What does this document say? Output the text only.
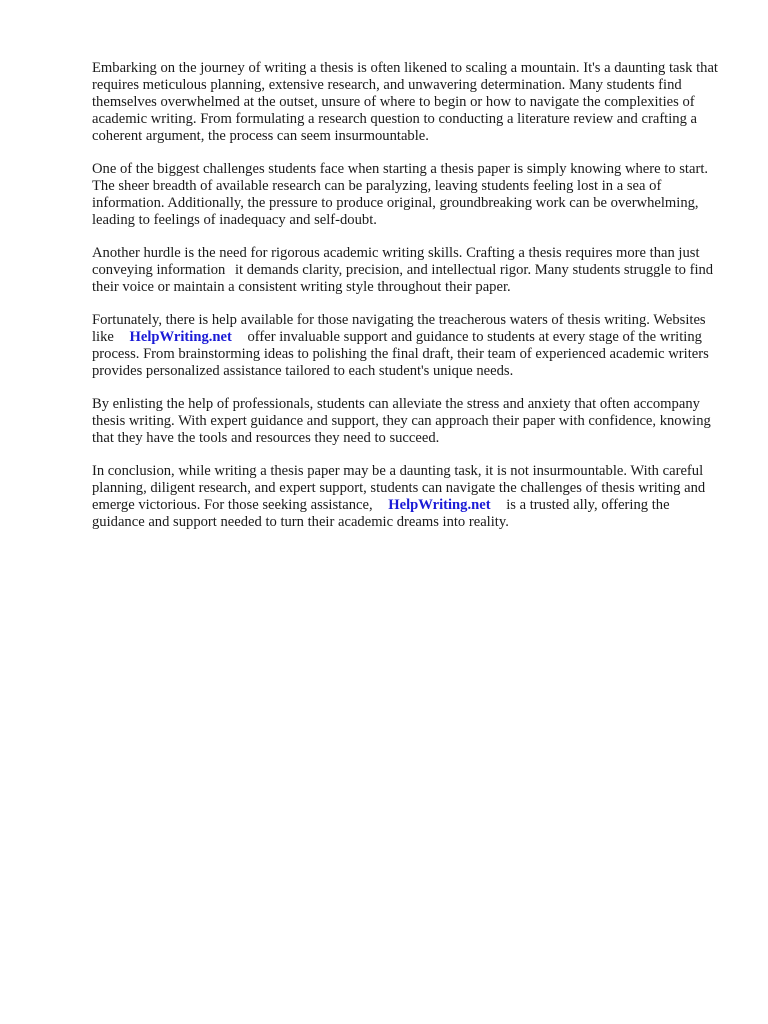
Embarking on the journey of writing a thesis is often likened to scaling a mountain. It's a daunting task that requires meticulous planning, extensive research, and unwavering determination. Many students find themselves overwhelmed at the outset, unsure of where to begin or how to navigate the complexities of academic writing. From formulating a research question to conducting a literature review and crafting a coherent argument, the process can seem insurmountable.

One of the biggest challenges students face when starting a thesis paper is simply knowing where to start. The sheer breadth of available research can be paralyzing, leaving students feeling lost in a sea of information. Additionally, the pressure to produce original, groundbreaking work can be overwhelming, leading to feelings of inadequacy and self-doubt.

Another hurdle is the need for rigorous academic writing skills. Crafting a thesis requires more than just conveying information it demands clarity, precision, and intellectual rigor. Many students struggle to find their voice or maintain a consistent writing style throughout their paper.

Fortunately, there is help available for those navigating the treacherous waters of thesis writing. Websites like HelpWriting.net offer invaluable support and guidance to students at every stage of the writing process. From brainstorming ideas to polishing the final draft, their team of experienced academic writers provides personalized assistance tailored to each student's unique needs.

By enlisting the help of professionals, students can alleviate the stress and anxiety that often accompany thesis writing. With expert guidance and support, they can approach their paper with confidence, knowing that they have the tools and resources they need to succeed.

In conclusion, while writing a thesis paper may be a daunting task, it is not insurmountable. With careful planning, diligent research, and expert support, students can navigate the challenges of thesis writing and emerge victorious. For those seeking assistance, HelpWriting.net is a trusted ally, offering the guidance and support needed to turn their academic dreams into reality.
